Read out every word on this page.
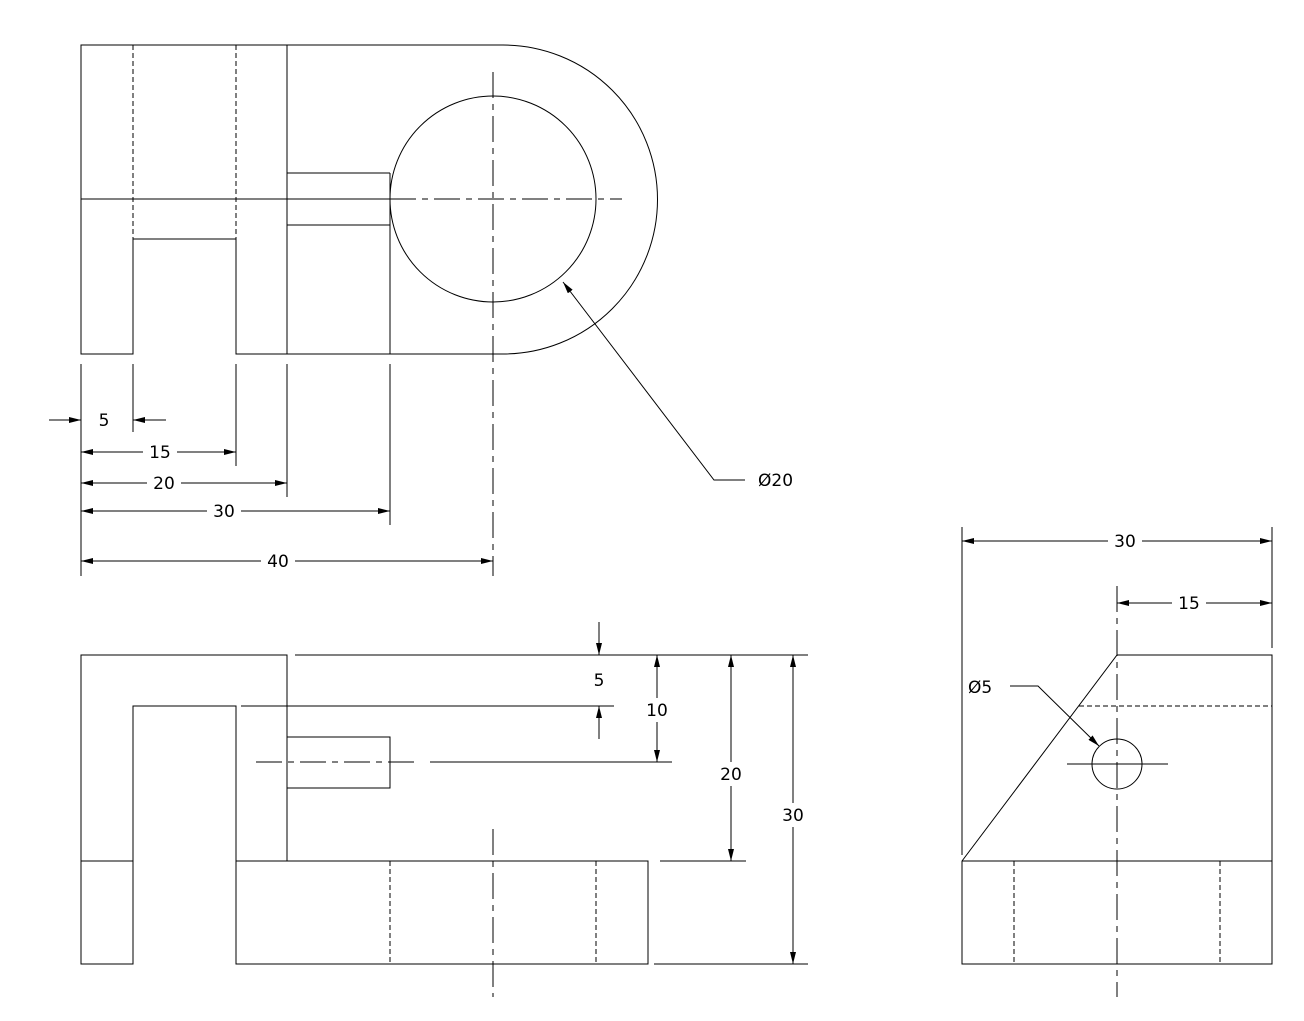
5
15
20
30
40
Ø20
5
10
20
30
30
15
Ø5
